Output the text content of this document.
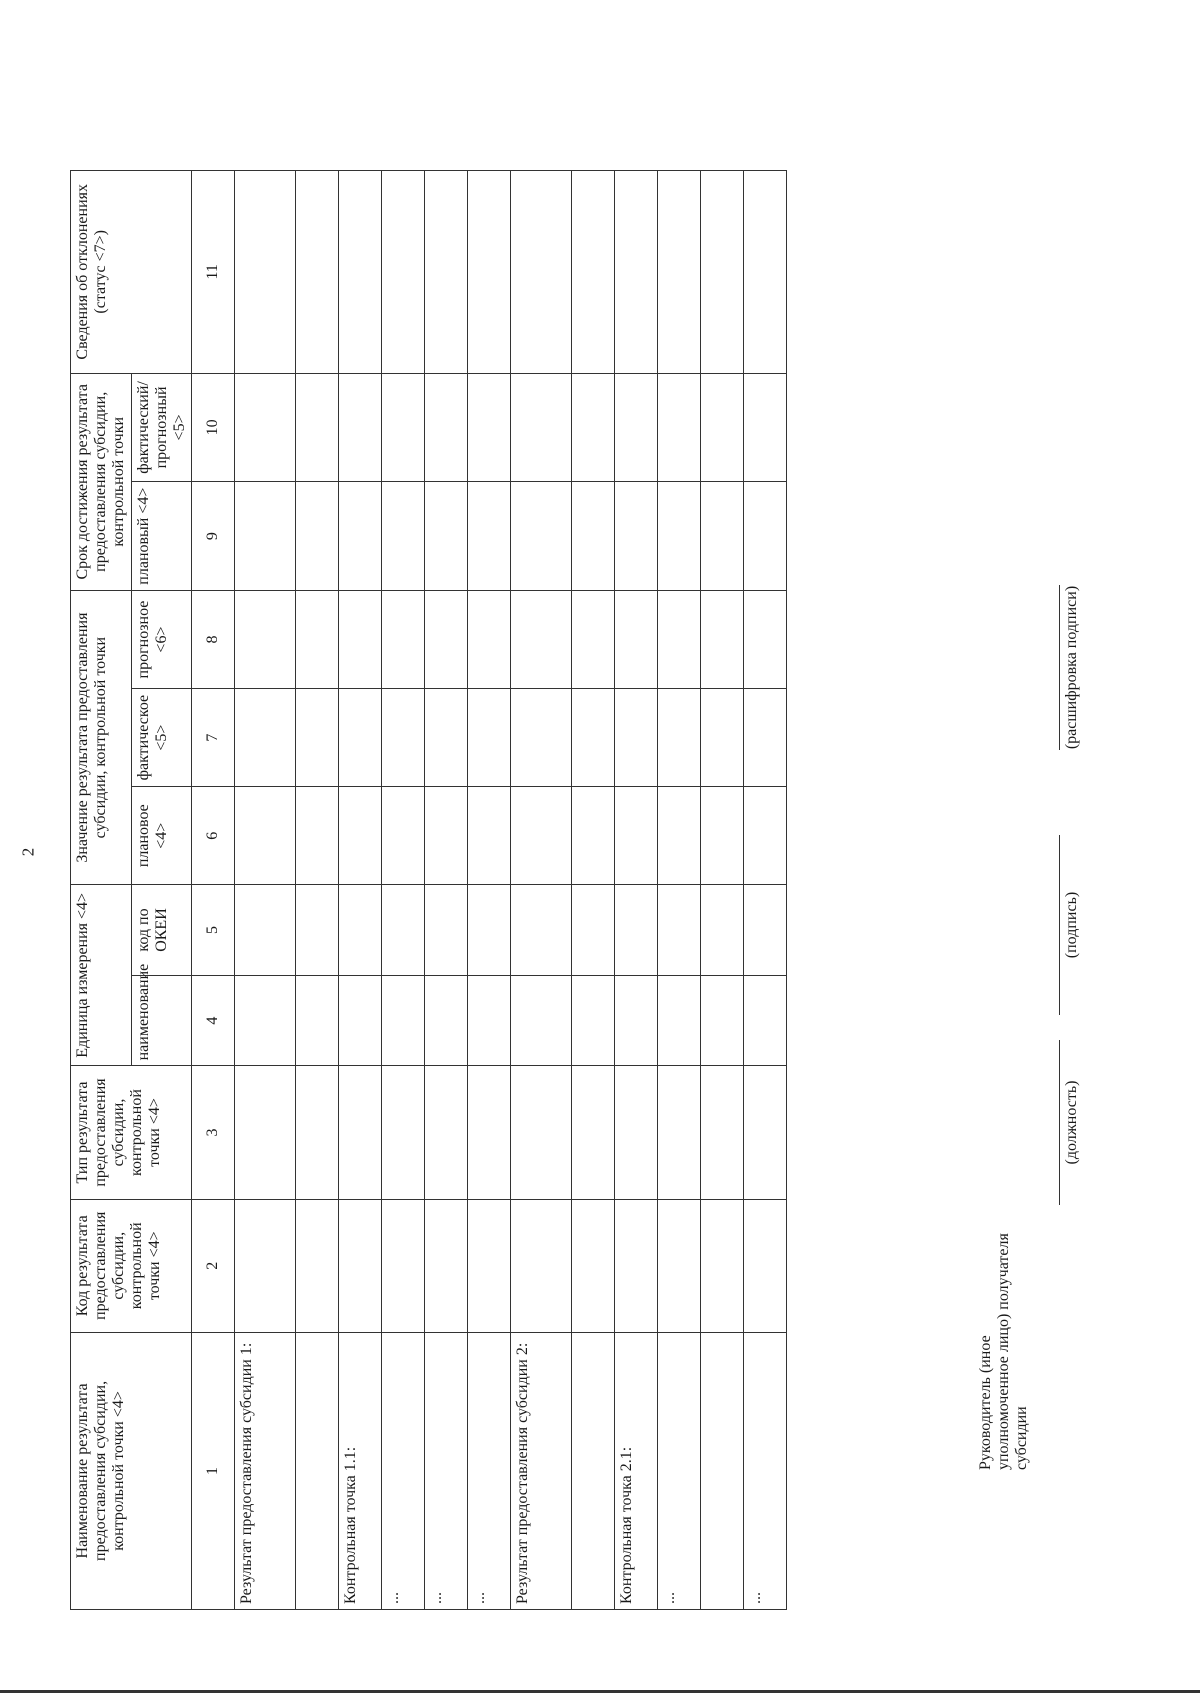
2
Наименование результата предоставления субсидии, контрольной точки <4>	Код результата предоставления субсидии, контрольной точки <4>	Тип результата предоставления субсидии, контрольной точки <4>	Единица измерения <4>		Значение результата предоставления субсидии, контрольной точки			Срок достижения результата предоставления субсидии, контрольной точки		Сведения об отклонениях (статус <7>)
			наименование	код по ОКЕИ	плановое <4>	фактическое <5>	прогнозное <6>	плановый <4>	фактический/прогнозный <5>	
1	2	3	4	5	6	7	8	9	10	11
Результат предоставления субсидии 1:										

Контрольная точка 1.1:										
...										
...										
...										
Результат предоставления субсидии 2:										

Контрольная точка 2.1:										
...										

...										
Руководитель (иное уполномоченное лицо) получателя субсидии
(должность)
(подпись)
(расшифровка подписи)
